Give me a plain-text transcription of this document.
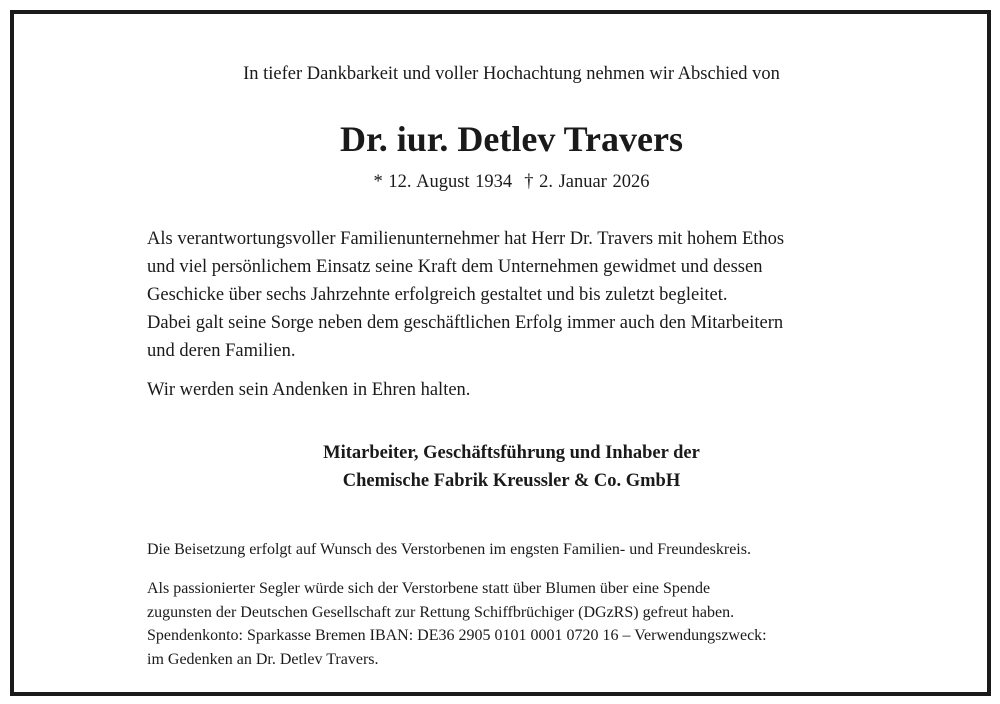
In tiefer Dankbarkeit und voller Hochachtung nehmen wir Abschied von
Dr. iur. Detlev Travers
* 12. August 1934 † 2. Januar 2026
Als verantwortungsvoller Familienunternehmer hat Herr Dr. Travers mit hohem Ethos
und viel persönlichem Einsatz seine Kraft dem Unternehmen gewidmet und dessen
Geschicke über sechs Jahrzehnte erfolgreich gestaltet und bis zuletzt begleitet.
Dabei galt seine Sorge neben dem geschäftlichen Erfolg immer auch den Mitarbeitern
und deren Familien.
Wir werden sein Andenken in Ehren halten.
Mitarbeiter, Geschäftsführung und Inhaber der
Chemische Fabrik Kreussler & Co. GmbH
Die Beisetzung erfolgt auf Wunsch des Verstorbenen im engsten Familien- und Freundeskreis.
Als passionierter Segler würde sich der Verstorbene statt über Blumen über eine Spende
zugunsten der Deutschen Gesellschaft zur Rettung Schiffbrüchiger (DGzRS) gefreut haben.
Spendenkonto: Sparkasse Bremen IBAN: DE36 2905 0101 0001 0720 16 – Verwendungszweck:
im Gedenken an Dr. Detlev Travers.
